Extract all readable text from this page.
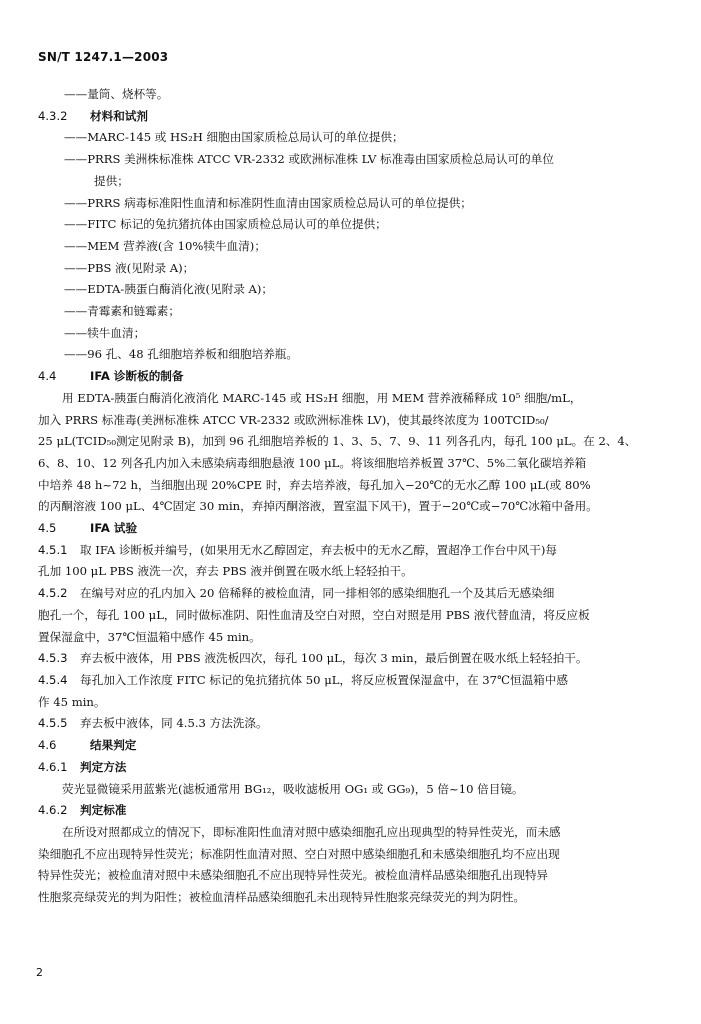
SN/T 1247.1—2003
——量筒、烧杯等。
4.3.2	材料和试剂
——MARC-145 或 HS₂H 细胞由国家质检总局认可的单位提供；
——PRRS 美洲株标准株 ATCC VR-2332 或欧洲标准株 LV 标准毒由国家质检总局认可的单位
提供；
——PRRS 病毒标准阳性血清和标准阴性血清由国家质检总局认可的单位提供；
——FITC 标记的兔抗猪抗体由国家质检总局认可的单位提供；
——MEM 营养液(含 10%犊牛血清)；
——PBS 液(见附录 A)；
——EDTA-胰蛋白酶消化液(见附录 A)；
——青霉素和链霉素；
——犊牛血清；
——96 孔、48 孔细胞培养板和细胞培养瓶。
4.4	IFA 诊断板的制备
用 EDTA-胰蛋白酶消化液消化 MARC-145 或 HS₂H 细胞，用 MEM 营养液稀释成 10⁵ 细胞/mL，
加入 PRRS 标准毒(美洲标准株 ATCC VR-2332 或欧洲标准株 LV)，使其最终浓度为 100TCID₅₀/
25 μL(TCID₅₀测定见附录 B)，加到 96 孔细胞培养板的 1、3、5、7、9、11 列各孔内，每孔 100 μL。在 2、4、
6、8、10、12 列各孔内加入未感染病毒细胞悬液 100 μL。将该细胞培养板置 37℃、5%二氧化碳培养箱
中培养 48 h~72 h，当细胞出现 20%CPE 时，弃去培养液，每孔加入−20℃的无水乙醇 100 μL(或 80%
的丙酮溶液 100 μL、4℃固定 30 min，弃掉丙酮溶液，置室温下风干)，置于−20℃或−70℃冰箱中备用。
4.5	IFA 试验
4.5.1	取 IFA 诊断板并编号，(如果用无水乙醇固定，弃去板中的无水乙醇，置超净工作台中风干)每
孔加 100 μL PBS 液洗一次，弃去 PBS 液并倒置在吸水纸上轻轻拍干。
4.5.2	在编号对应的孔内加入 20 倍稀释的被检血清，同一排相邻的感染细胞孔一个及其后无感染细
胞孔一个，每孔 100 μL，同时做标准阴、阳性血清及空白对照，空白对照是用 PBS 液代替血清，将反应板
置保湿盒中，37℃恒温箱中感作 45 min。
4.5.3	弃去板中液体，用 PBS 液洗板四次，每孔 100 μL，每次 3 min，最后倒置在吸水纸上轻轻拍干。
4.5.4	每孔加入工作浓度 FITC 标记的兔抗猪抗体 50 μL，将反应板置保湿盒中，在 37℃恒温箱中感
作 45 min。
4.5.5	弃去板中液体，同 4.5.3 方法洗涤。
4.6	结果判定
4.6.1	判定方法
荧光显微镜采用蓝紫光(滤板通常用 BG₁₂，吸收滤板用 OG₁ 或 GG₉)，5 倍~10 倍目镜。
4.6.2	判定标准
在所设对照都成立的情况下，即标准阳性血清对照中感染细胞孔应出现典型的特异性荧光，而未感
染细胞孔不应出现特异性荧光；标准阴性血清对照、空白对照中感染细胞孔和未感染细胞孔均不应出现
特异性荧光；被检血清对照中未感染细胞孔不应出现特异性荧光。被检血清样品感染细胞孔出现特异
性胞浆亮绿荧光的判为阳性；被检血清样品感染细胞孔未出现特异性胞浆亮绿荧光的判为阴性。
2
